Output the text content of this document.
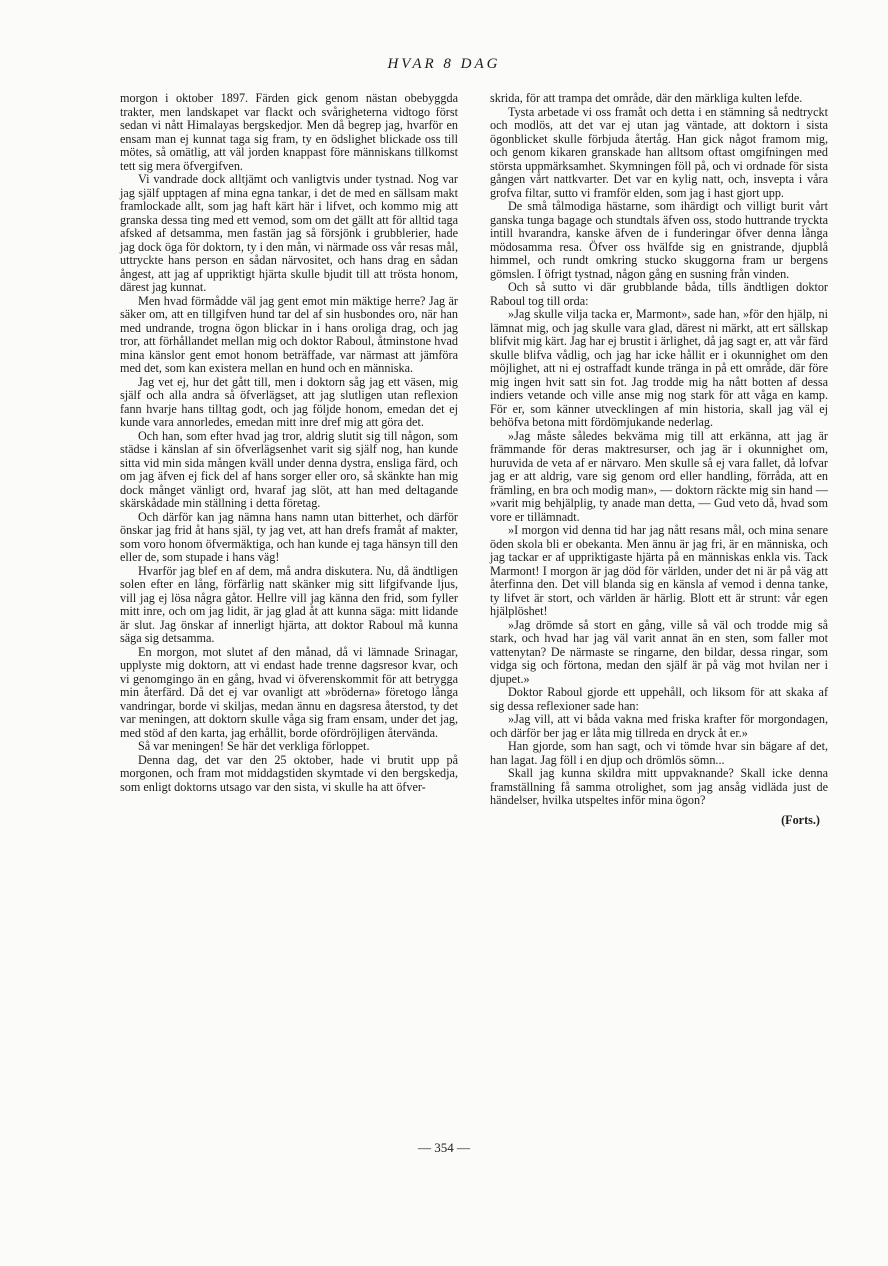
HVAR 8 DAG

morgon i oktober 1897. Färden gick genom nästan obebyggda trakter, men landskapet var flackt och svårigheterna vidtogo först sedan vi nått Himalayas bergskedjor. Men då begrep jag, hvarför en ensam man ej kunnat taga sig fram, ty en ödslighet blickade oss till mötes, så omätlig, att väl jorden knappast före människans tillkomst tett sig mera öfvergifven.

Vi vandrade dock alltjämt och vanligtvis under tystnad. Nog var jag själf upptagen af mina egna tankar, i det de med en sällsam makt framlockade allt, som jag haft kärt här i lifvet, och kommo mig att granska dessa ting med ett vemod, som om det gällt att för alltid taga afsked af detsamma, men fastän jag så försjönk i grubblerier, hade jag dock öga för doktorn, ty i den mån, vi närmade oss vår resas mål, uttryckte hans person en sådan närvositet, och hans drag en sådan ångest, att jag af uppriktigt hjärta skulle bjudit till att trösta honom, därest jag kunnat.

Men hvad förmådde väl jag gent emot min mäktige herre? Jag är säker om, att en tillgifven hund tar del af sin husbondes oro, när han med undrande, trogna ögon blickar in i hans oroliga drag, och jag tror, att förhållandet mellan mig och doktor Raboul, åtminstone hvad mina känslor gent emot honom beträffade, var närmast att jämföra med det, som kan existera mellan en hund och en människa.

Jag vet ej, hur det gått till, men i doktorn såg jag ett väsen, mig själf och alla andra så öfverlägset, att jag slutligen utan reflexion fann hvarje hans tilltag godt, och jag följde honom, emedan det ej kunde vara annorledes, emedan mitt inre dref mig att göra det.

Och han, som efter hvad jag tror, aldrig slutit sig till någon, som städse i känslan af sin öfverlägsenhet varit sig själf nog, han kunde sitta vid min sida mången kväll under denna dystra, ensliga färd, och om jag äfven ej fick del af hans sorger eller oro, så skänkte han mig dock månget vänligt ord, hvaraf jag slöt, att han med deltagande skärskådade min ställning i detta företag.

Och därför kan jag nämna hans namn utan bitterhet, och därför önskar jag frid åt hans själ, ty jag vet, att han drefs framåt af makter, som voro honom öfvermäktiga, och han kunde ej taga hänsyn till den eller de, som stupade i hans väg!

Hvarför jag blef en af dem, må andra diskutera. Nu, då ändtligen solen efter en lång, förfärlig natt skänker mig sitt lifgifvande ljus, vill jag ej lösa några gåtor. Hellre vill jag känna den frid, som fyller mitt inre, och om jag lidit, är jag glad åt att kunna säga: mitt lidande är slut. Jag önskar af innerligt hjärta, att doktor Raboul må kunna säga sig detsamma.

En morgon, mot slutet af den månad, då vi lämnade Srinagar, upplyste mig doktorn, att vi endast hade trenne dagsresor kvar, och vi genomgingo än en gång, hvad vi öfverenskommit för att betrygga min återfärd. Då det ej var ovanligt att »bröderna» företogo långa vandringar, borde vi skiljas, medan ännu en dagsresa återstod, ty det var meningen, att doktorn skulle våga sig fram ensam, under det jag, med stöd af den karta, jag erhållit, borde ofördröjligen återvända.

Så var meningen! Se här det verkliga förloppet.

Denna dag, det var den 25 oktober, hade vi brutit upp på morgonen, och fram mot middagstiden skymtade vi den bergskedja, som enligt doktorns utsago var den sista, vi skulle ha att öfver-

skrida, för att trampa det område, där den märkliga kulten lefde.

Tysta arbetade vi oss framåt och detta i en stämning så nedtryckt och modlös, att det var ej utan jag väntade, att doktorn i sista ögonblicket skulle förbjuda återtåg. Han gick något framom mig, och genom kikaren granskade han alltsom oftast omgifningen med största uppmärksamhet. Skymningen föll på, och vi ordnade för sista gången vårt nattkvarter. Det var en kylig natt, och, insvepta i våra grofva filtar, sutto vi framför elden, som jag i hast gjort upp.

De små tålmodiga hästarne, som ihärdigt och villigt burit vårt ganska tunga bagage och stundtals äfven oss, stodo huttrande tryckta intill hvarandra, kanske äfven de i funderingar öfver denna långa mödosamma resa. Öfver oss hvälfde sig en gnistrande, djupblå himmel, och rundt omkring stucko skuggorna fram ur bergens gömslen. I öfrigt tystnad, någon gång en susning från vinden.

Och så sutto vi där grubblande båda, tills ändtligen doktor Raboul tog till orda:

»Jag skulle vilja tacka er, Marmont», sade han, »för den hjälp, ni lämnat mig, och jag skulle vara glad, därest ni märkt, att ert sällskap blifvit mig kärt. Jag har ej brustit i ärlighet, då jag sagt er, att vår färd skulle blifva vådlig, och jag har icke hållit er i okunnighet om den möjlighet, att ni ej ostraffadt kunde tränga in på ett område, där före mig ingen hvit satt sin fot. Jag trodde mig ha nått botten af dessa indiers vetande och ville anse mig nog stark för att våga en kamp. För er, som känner utvecklingen af min historia, skall jag väl ej behöfva betona mitt fördömjukande nederlag.

»Jag måste således bekväma mig till att erkänna, att jag är främmande för deras maktresurser, och jag är i okunnighet om, huruvida de veta af er närvaro. Men skulle så ej vara fallet, då lofvar jag er att aldrig, vare sig genom ord eller handling, förråda, att en främling, en bra och modig man», — doktorn räckte mig sin hand — »varit mig behjälplig, ty anade man detta, — Gud veto då, hvad som vore er tillämnadt.

»I morgon vid denna tid har jag nått resans mål, och mina senare öden skola bli er obekanta. Men ännu är jag fri, är en människa, och jag tackar er af uppriktigaste hjärta på en människas enkla vis. Tack Marmont! I morgon är jag död för världen, under det ni är på väg att återfinna den. Det vill blanda sig en känsla af vemod i denna tanke, ty lifvet är stort, och världen är härlig. Blott ett är strunt: vår egen hjälplöshet!

»Jag drömde så stort en gång, ville så väl och trodde mig så stark, och hvad har jag väl varit annat än en sten, som faller mot vattenytan? De närmaste se ringarne, den bildar, dessa ringar, som vidga sig och förtona, medan den själf är på väg mot hvilan ner i djupet.»

Doktor Raboul gjorde ett uppehåll, och liksom för att skaka af sig dessa reflexioner sade han:

»Jag vill, att vi båda vakna med friska krafter för morgondagen, och därför ber jag er låta mig tillreda en dryck åt er.»

Han gjorde, som han sagt, och vi tömde hvar sin bägare af det, han lagat. Jag föll i en djup och drömlös sömn...

Skall jag kunna skildra mitt uppvaknande? Skall icke denna framställning få samma otrolighet, som jag ansåg vidläda just de händelser, hvilka utspeltes inför mina ögon?

(Forts.)
— 354 —
